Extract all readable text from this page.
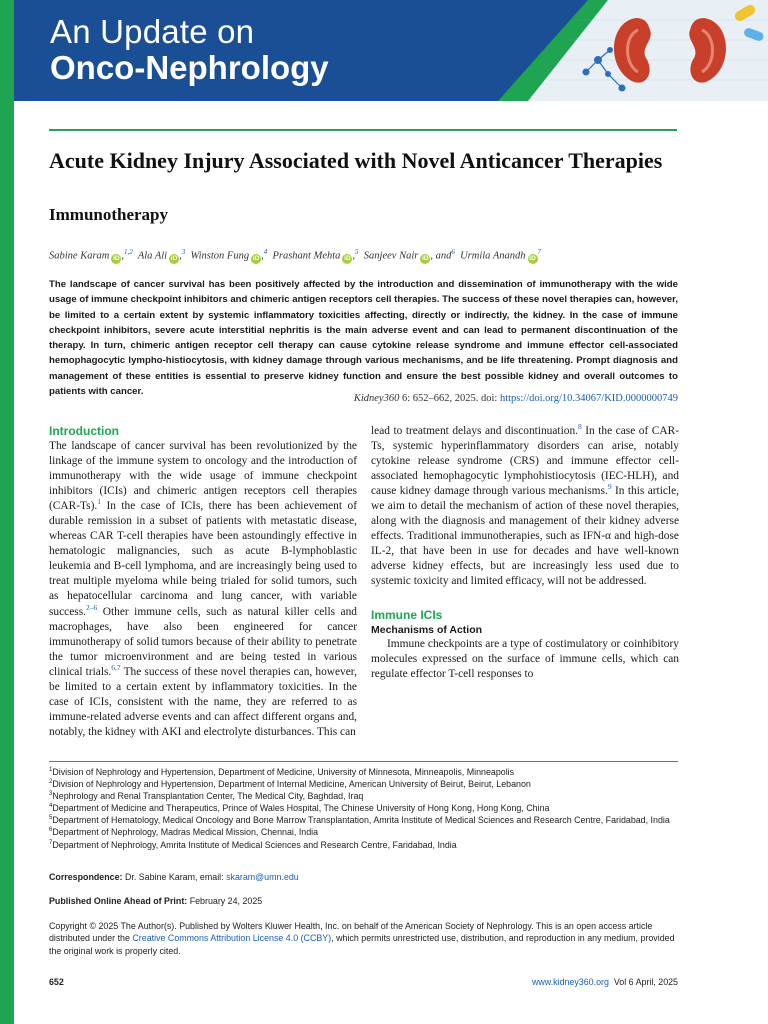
An Update on
Onco-Nephrology
Acute Kidney Injury Associated with Novel Anticancer Therapies
Immunotherapy
Sabine Karam iD ,$^{1,2}$ Ala Ali iD ,$^3$ Winston Fung iD ,$^4$ Prashant Mehta iD ,$^5$ Sanjeev Nair iD , and$^6$ Urmila Anandh $iD^7$
The landscape of cancer survival has been positively affected by the introduction and dissemination of immunotherapy with the wide usage of immune checkpoint inhibitors and chimeric antigen receptors cell therapies. The success of these novel therapies can, however, be limited to a certain extent by systemic inflammatory toxicities affecting, directly or indirectly, the kidney. In the case of immune checkpoint inhibitors, severe acute interstitial nephritis is the main adverse event and can lead to permanent discontinuation of the therapy. In turn, chimeric antigen receptor cell therapy can cause cytokine release syndrome and immune effector cell-associated hemophagocytic lympho-histiocytosis, with kidney damage through various mechanisms, and be life threatening. Prompt diagnosis and management of these entities is essential to preserve kidney function and ensure the best possible kidney and overall outcomes to patients with cancer.
Kidney360 6: 652–662, 2025. doi: https://doi.org/10.34067/KID.0000000749

Introduction

The landscape of cancer survival has been revolutionized by the linkage of the immune system to oncology and the introduction of immunotherapy with the wide usage of immune checkpoint inhibitors (ICIs) and chimeric antigen receptors cell therapies (CAR-Ts).$^1$ In the case of ICIs, there has been achievement of durable remission in a subset of patients with metastatic disease, whereas CAR T-cell therapies have been astoundingly effective in hematologic malignancies, such as acute B-lymphoblastic leukemia and B-cell lymphoma, and are increasingly being used to treat multiple myeloma while being trialed for solid tumors, such as hepatocellular carcinoma and lung cancer, with variable success.$^{2-6}$ Other immune cells, such as natural killer cells and macrophages, have also been engineered for cancer immunotherapy of solid tumors because of their ability to penetrate the tumor microenvironment and are being tested in various clinical trials.$^{6,7}$ The success of these novel therapies can, however, be limited to a certain extent by inflammatory toxicities. In the case of ICIs, consistent with the name, they are referred to as immune-related adverse events and can affect different organs and, notably, the kidney with AKI and electrolyte disturbances. This can

lead to treatment delays and discontinuation.$^8$ In the case of CAR-Ts, systemic hyperinflammatory disorders can arise, notably cytokine release syndrome (CRS) and immune effector cell-associated hemophagocytic lymphohistiocytosis (IEC-HLH), and cause kidney damage through various mechanisms.$^9$ In this article, we aim to detail the mechanism of action of these novel therapies, along with the diagnosis and management of their kidney adverse effects. Traditional immunotherapies, such as IFN-α and high-dose IL-2, that have been in use for decades and have well-known adverse kidney effects, but are increasingly less used due to systemic toxicity and limited efficacy, will not be addressed.

Immune ICIs

Mechanisms of Action

Immune checkpoints are a type of costimulatory or coinhibitory molecules expressed on the surface of immune cells, which can regulate effector T-cell responses to

$^1$Division of Nephrology and Hypertension, Department of Medicine, University of Minnesota, Minneapolis, Minneapolis
$^2$Division of Nephrology and Hypertension, Department of Internal Medicine, American University of Beirut, Beirut, Lebanon
$^3$Nephrology and Renal Transplantation Center, The Medical City, Baghdad, Iraq
$^4$Department of Medicine and Therapeutics, Prince of Wales Hospital, The Chinese University of Hong Kong, Hong Kong, China
$^5$Department of Hematology, Medical Oncology and Bone Marrow Transplantation, Amrita Institute of Medical Sciences and Research Centre, Faridabad, India
$^6$Department of Nephrology, Madras Medical Mission, Chennai, India
$^7$Department of Nephrology, Amrita Institute of Medical Sciences and Research Centre, Faridabad, India
Correspondence: Dr. Sabine Karam, email: skaram@umn.edu
Published Online Ahead of Print: February 24, 2025
Copyright © 2025 The Author(s). Published by Wolters Kluwer Health, Inc. on behalf of the American Society of Nephrology. This is an open access article distributed under the Creative Commons Attribution License 4.0 (CCBY), which permits unrestricted use, distribution, and reproduction in any medium, provided the original work is properly cited.
652	www.kidney360.org  Vol 6 April, 2025
